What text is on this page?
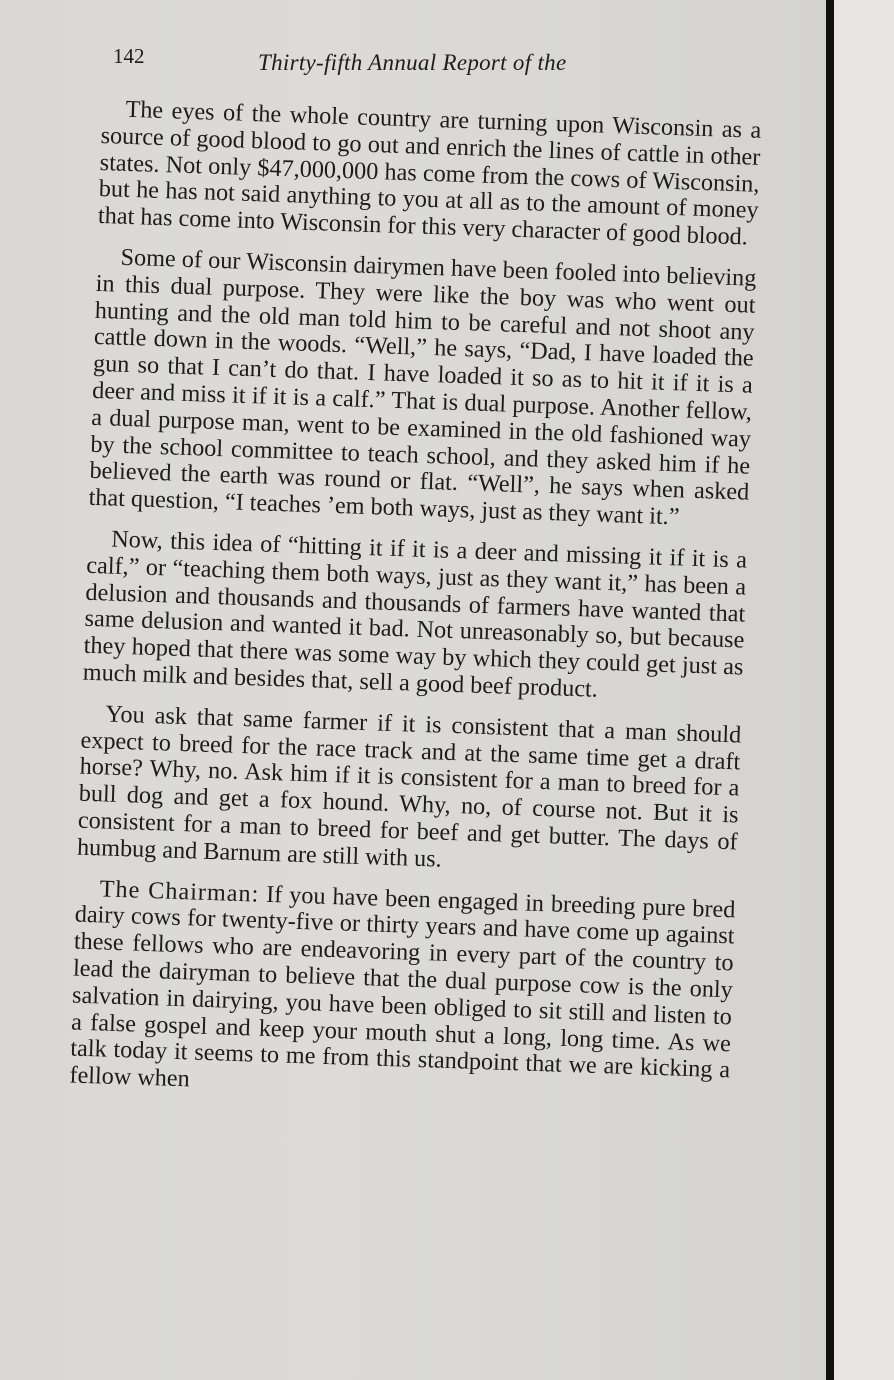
142	Thirty-fifth Annual Report of the

The eyes of the whole country are turning upon Wisconsin as a source of good blood to go out and enrich the lines of cattle in other states. Not only $47,000,000 has come from the cows of Wisconsin, but he has not said anything to you at all as to the amount of money that has come into Wisconsin for this very character of good blood.

Some of our Wisconsin dairymen have been fooled into believing in this dual purpose. They were like the boy was who went out hunting and the old man told him to be careful and not shoot any cattle down in the woods. “Well,” he says, “Dad, I have loaded the gun so that I can’t do that. I have loaded it so as to hit it if it is a deer and miss it if it is a calf.” That is dual purpose. Another fellow, a dual purpose man, went to be examined in the old fashioned way by the school committee to teach school, and they asked him if he believed the earth was round or flat. “Well”, he says when asked that question, “I teaches ’em both ways, just as they want it.”

Now, this idea of “hitting it if it is a deer and missing it if it is a calf,” or “teaching them both ways, just as they want it,” has been a delusion and thousands and thousands of farmers have wanted that same delusion and wanted it bad. Not unreasonably so, but because they hoped that there was some way by which they could get just as much milk and besides that, sell a good beef product.

You ask that same farmer if it is consistent that a man should expect to breed for the race track and at the same time get a draft horse? Why, no. Ask him if it is consistent for a man to breed for a bull dog and get a fox hound. Why, no, of course not. But it is consistent for a man to breed for beef and get butter. The days of humbug and Barnum are still with us.

The Chairman: If you have been engaged in breeding pure bred dairy cows for twenty-five or thirty years and have come up against these fellows who are endeavoring in every part of the country to lead the dairyman to believe that the dual purpose cow is the only salvation in dairying, you have been obliged to sit still and listen to a false gospel and keep your mouth shut a long, long time. As we talk today it seems to me from this standpoint that we are kicking a fellow when
